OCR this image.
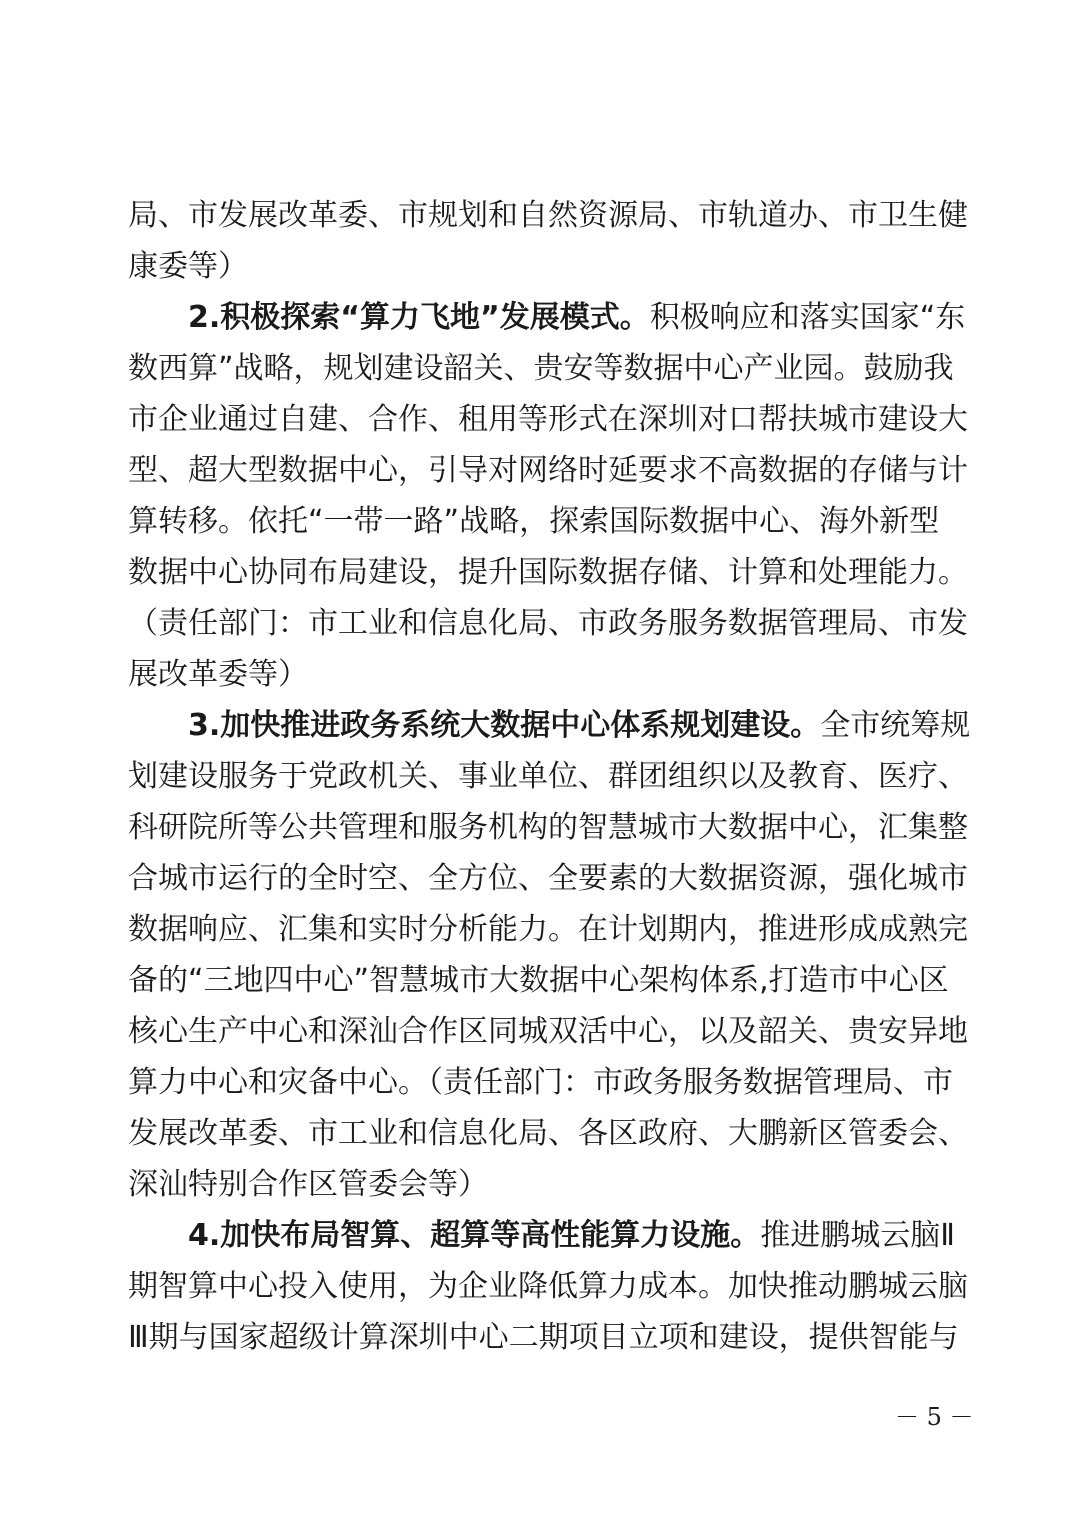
局、市发展改革委、市规划和自然资源局、市轨道办、市卫生健
康委等）
2.积极探索“算力飞地”发展模式。积极响应和落实国家“东
数西算”战略，规划建设韶关、贵安等数据中心产业园。鼓励我
市企业通过自建、合作、租用等形式在深圳对口帮扶城市建设大
型、超大型数据中心，引导对网络时延要求不高数据的存储与计
算转移。依托“一带一路”战略，探索国际数据中心、海外新型
数据中心协同布局建设，提升国际数据存储、计算和处理能力。
（责任部门：市工业和信息化局、市政务服务数据管理局、市发
展改革委等）
3.加快推进政务系统大数据中心体系规划建设。全市统筹规
划建设服务于党政机关、事业单位、群团组织以及教育、医疗、
科研院所等公共管理和服务机构的智慧城市大数据中心，汇集整
合城市运行的全时空、全方位、全要素的大数据资源，强化城市
数据响应、汇集和实时分析能力。在计划期内，推进形成成熟完
备的“三地四中心”智慧城市大数据中心架构体系,打造市中心区
核心生产中心和深汕合作区同城双活中心，以及韶关、贵安异地
算力中心和灾备中心。（责任部门：市政务服务数据管理局、市
发展改革委、市工业和信息化局、各区政府、大鹏新区管委会、
深汕特别合作区管委会等）
4.加快布局智算、超算等高性能算力设施。推进鹏城云脑Ⅱ
期智算中心投入使用，为企业降低算力成本。加快推动鹏城云脑
Ⅲ期与国家超级计算深圳中心二期项目立项和建设，提供智能与
－ 5 －
